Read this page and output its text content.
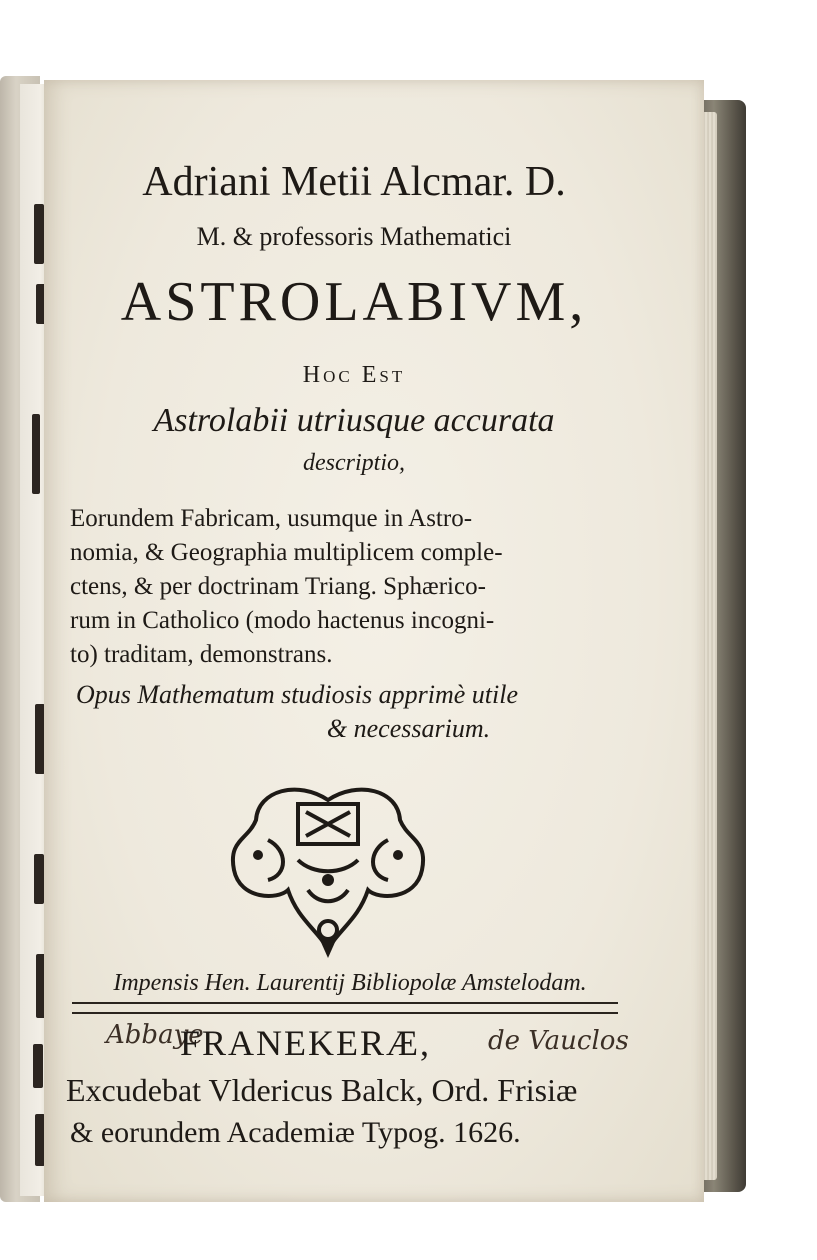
Adriani Metii Alcmar. D.
M. & professoris Mathematici
ASTROLABIVM,
Hoc Est
Astrolabii utriusque accurata
descriptio,
Eorundem Fabricam, usumque in Astro-
nomia, & Geographia multiplicem comple-
ctens, & per doctrinam Triang. Sphærico-
rum in Catholico (modo hactenus incogni-
to) traditam, demonstrans.
Opus Mathematum studiosis apprimè utile
& necessarium.
Impensis Hen. Laurentij Bibliopolæ Amstelodam.
Abbaye
FRANEKERÆ, de Vauclos
Excudebat Vldericus Balck, Ord. Frisiæ
& eorundem Academiæ Typog. 1626.
